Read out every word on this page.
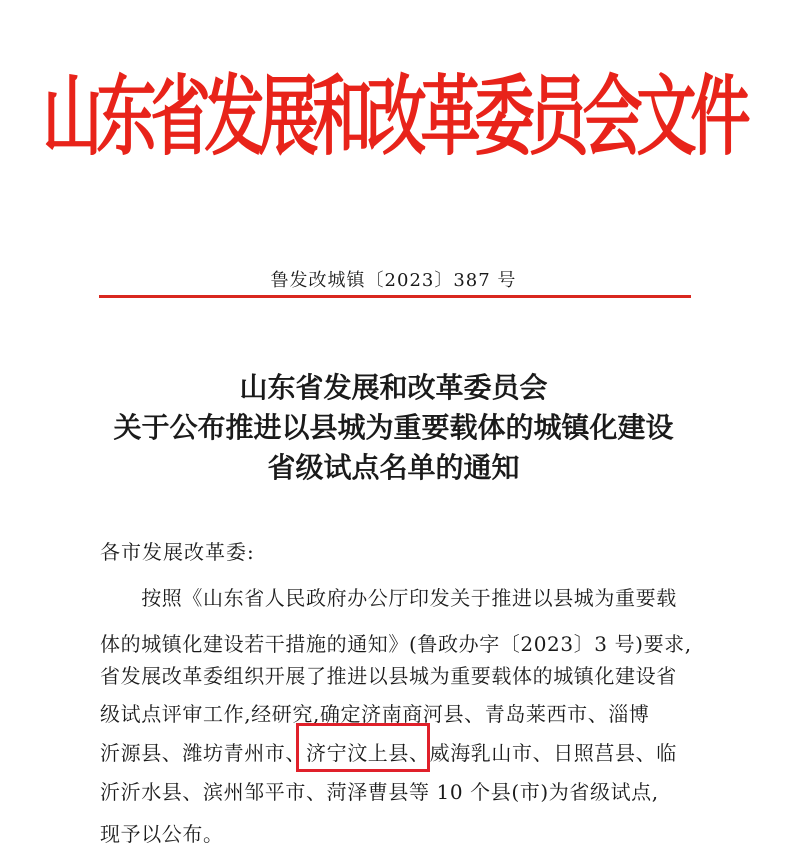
山东省发展和改革委员会文件
鲁发改城镇〔2023〕387 号
山东省发展和改革委员会
关于公布推进以县城为重要载体的城镇化建设
省级试点名单的通知
各市发展改革委:
　　按照《山东省人民政府办公厅印发关于推进以县城为重要载
体的城镇化建设若干措施的通知》(鲁政办字〔2023〕3 号)要求,
省发展改革委组织开展了推进以县城为重要载体的城镇化建设省
级试点评审工作,经研究,确定济南商河县、青岛莱西市、淄博
沂源县、潍坊青州市、济宁汶上县、威海乳山市、日照莒县、临
沂沂水县、滨州邹平市、菏泽曹县等 10 个县(市)为省级试点,
现予以公布。
